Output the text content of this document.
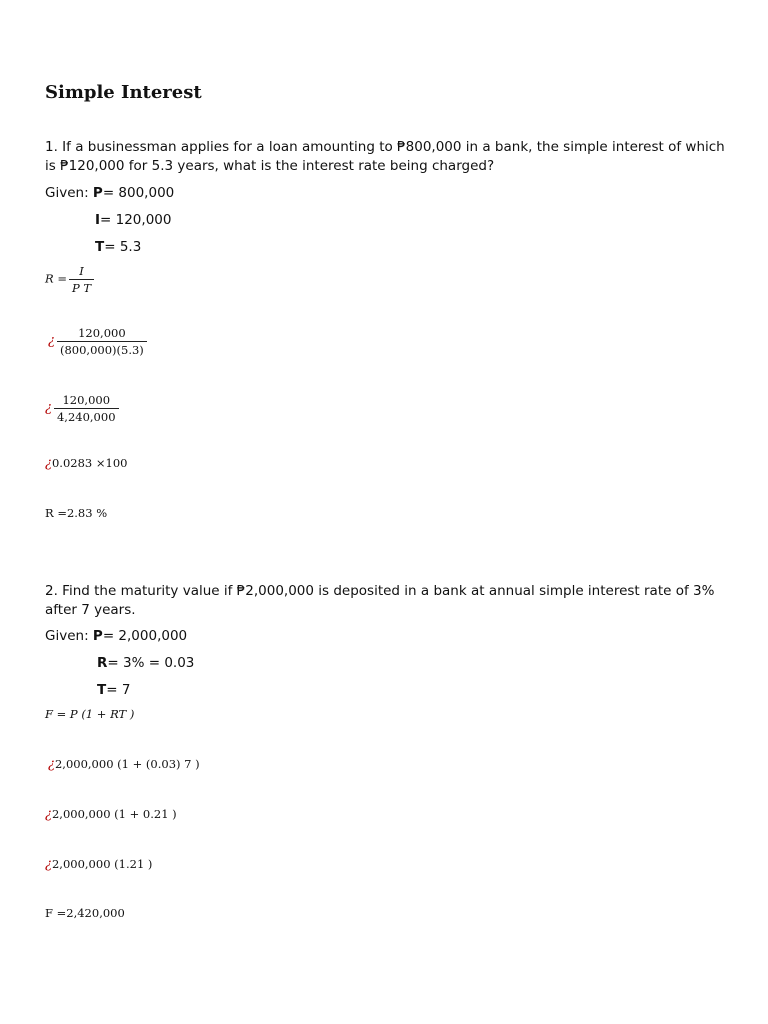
Simple Interest
1. If a businessman applies for a loan amounting to ₱800,000 in a bank, the simple interest of which is ₱120,000 for 5.3 years, what is the interest rate being charged?
Given: P= 800,000
I= 120,000
T= 5.3
$R = \frac{I}{\text{P T}}$
¿ $\frac{120,000}{(800,000)(5.3)}$
¿ $\frac{120,000}{4,240,000}$
¿0.0283 ×100
R =2.83 %
2. Find the maturity value if ₱2,000,000 is deposited in a bank at annual simple interest rate of 3% after 7 years.
Given: P= 2,000,000
R= 3% = 0.03
T= 7
F = P (1 + RT )
¿2,000,000 (1 + (0.03) 7 )
¿2,000,000 (1 + 0.21 )
¿2,000,000 (1.21 )
F =2,420,000
